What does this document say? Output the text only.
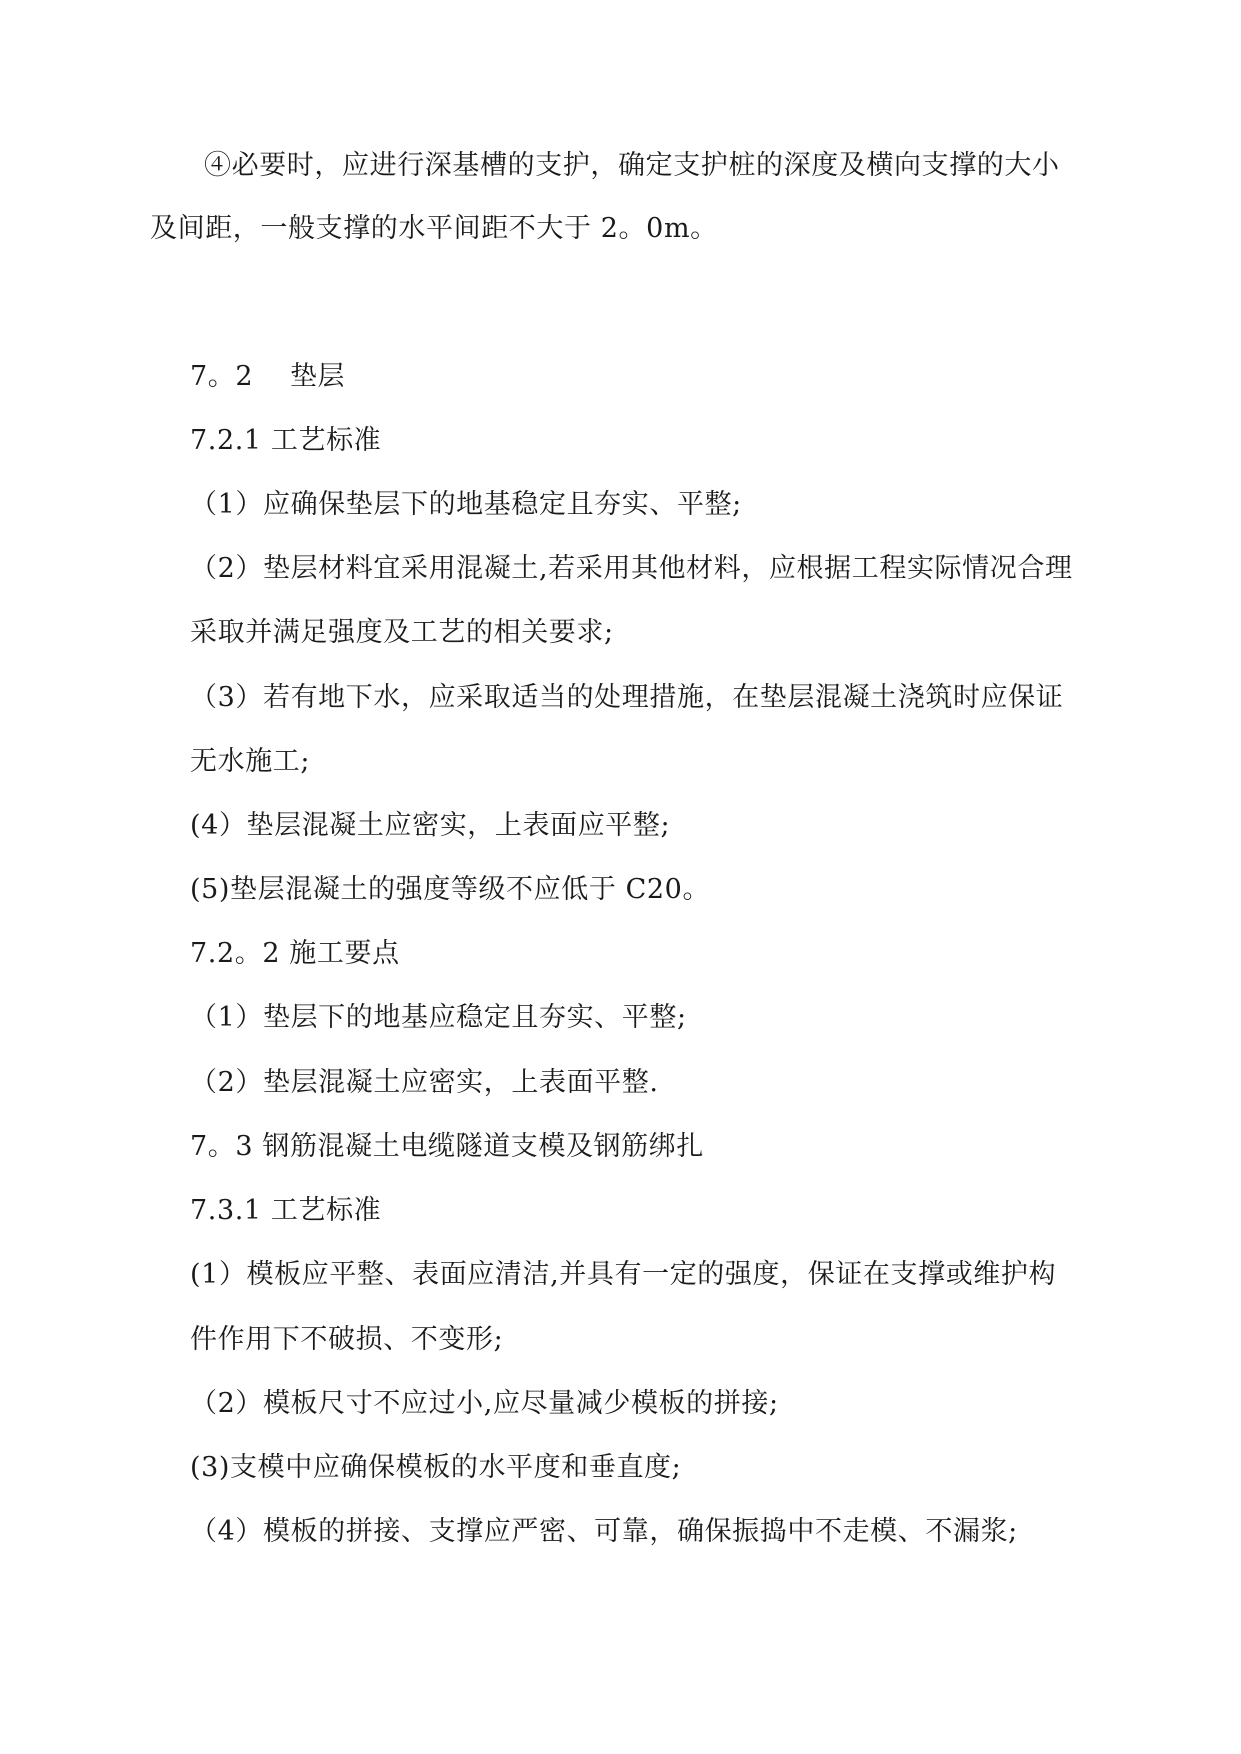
④必要时，应进行深基槽的支护，确定支护桩的深度及横向支撑的大小
及间距，一般支撑的水平间距不大于 2。0m。
7。2　 垫层
7.2.1 工艺标准
（1）应确保垫层下的地基稳定且夯实、平整;
（2）垫层材料宜采用混凝土,若采用其他材料，应根据工程实际情况合理
采取并满足强度及工艺的相关要求;
（3）若有地下水，应采取适当的处理措施，在垫层混凝土浇筑时应保证
无水施工;
(4）垫层混凝土应密实，上表面应平整;
(5)垫层混凝土的强度等级不应低于 C20。
7.2。2 施工要点
（1）垫层下的地基应稳定且夯实、平整;
（2）垫层混凝土应密实，上表面平整.
7。3 钢筋混凝土电缆隧道支模及钢筋绑扎
7.3.1 工艺标准
(1）模板应平整、表面应清洁,并具有一定的强度，保证在支撑或维护构
件作用下不破损、不变形;
（2）模板尺寸不应过小,应尽量减少模板的拼接;
(3)支模中应确保模板的水平度和垂直度;
（4）模板的拼接、支撑应严密、可靠，确保振捣中不走模、不漏浆;
